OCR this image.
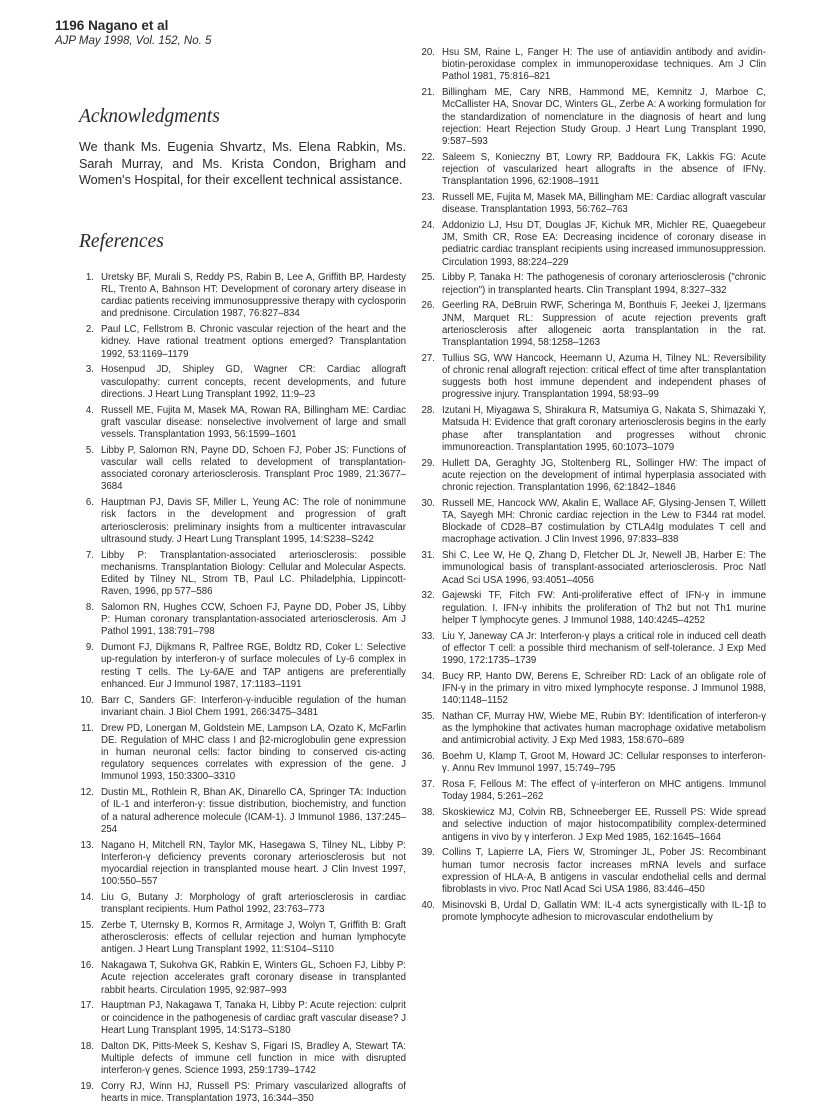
1196 Nagano et al
AJP May 1998, Vol. 152, No. 5
Acknowledgments

We thank Ms. Eugenia Shvartz, Ms. Elena Rabkin, Ms. Sarah Murray, and Ms. Krista Condon, Brigham and Women's Hospital, for their excellent technical assistance.

References
1. Uretsky BF, Murali S, Reddy PS, Rabin B, Lee A, Griffith BP, Hardesty RL, Trento A, Bahnson HT: Development of coronary artery disease in cardiac patients receiving immunosuppressive therapy with cyclosporin and prednisone. Circulation 1987, 76:827–834
2. Paul LC, Fellstrom B. Chronic vascular rejection of the heart and the kidney. Have rational treatment options emerged? Transplantation 1992, 53:1169–1179
3. Hosenpud JD, Shipley GD, Wagner CR: Cardiac allograft vasculopathy: current concepts, recent developments, and future directions. J Heart Lung Transplant 1992, 11:9–23
4. Russell ME, Fujita M, Masek MA, Rowan RA, Billingham ME: Cardiac graft vascular disease: nonselective involvement of large and small vessels. Transplantation 1993, 56:1599–1601
5. Libby P, Salomon RN, Payne DD, Schoen FJ, Pober JS: Functions of vascular wall cells related to development of transplantation-associated coronary arteriosclerosis. Transplant Proc 1989, 21:3677–3684
6. Hauptman PJ, Davis SF, Miller L, Yeung AC: The role of nonimmune risk factors in the development and progression of graft arteriosclerosis: preliminary insights from a multicenter intravascular ultrasound study. J Heart Lung Transplant 1995, 14:S238–S242
7. Libby P: Transplantation-associated arteriosclerosis: possible mechanisms. Transplantation Biology: Cellular and Molecular Aspects. Edited by Tilney NL, Strom TB, Paul LC. Philadelphia, Lippincott-Raven, 1996, pp 577–586
8. Salomon RN, Hughes CCW, Schoen FJ, Payne DD, Pober JS, Libby P: Human coronary transplantation-associated arteriosclerosis. Am J Pathol 1991, 138:791–798
9. Dumont FJ, Dijkmans R, Palfree RGE, Boldtz RD, Coker L: Selective up-regulation by interferon-γ of surface molecules of Ly-6 complex in resting T cells. The Ly-6A/E and TAP antigens are preferentially enhanced. Eur J Immunol 1987, 17:1183–1191
10. Barr C, Sanders GF: Interferon-γ-inducible regulation of the human invariant chain. J Biol Chem 1991, 266:3475–3481
11. Drew PD, Lonergan M, Goldstein ME, Lampson LA, Ozato K, McFarlin DE. Regulation of MHC class I and β2-microglobulin gene expression in human neuronal cells: factor binding to conserved cis-acting regulatory sequences correlates with expression of the gene. J Immunol 1993, 150:3300–3310
12. Dustin ML, Rothlein R, Bhan AK, Dinarello CA, Springer TA: Induction of IL-1 and interferon-γ: tissue distribution, biochemistry, and function of a natural adherence molecule (ICAM-1). J Immunol 1986, 137:245–254
13. Nagano H, Mitchell RN, Taylor MK, Hasegawa S, Tilney NL, Libby P: Interferon-γ deficiency prevents coronary arteriosclerosis but not myocardial rejection in transplanted mouse heart. J Clin Invest 1997, 100:550–557
14. Liu G, Butany J: Morphology of graft arteriosclerosis in cardiac transplant recipients. Hum Pathol 1992, 23:763–773
15. Zerbe T, Uternsky B, Kormos R, Armitage J, Wolyn T, Griffith B: Graft atherosclerosis: effects of cellular rejection and human lymphocyte antigen. J Heart Lung Transplant 1992, 11:S104–S110
16. Nakagawa T, Sukohva GK, Rabkin E, Winters GL, Schoen FJ, Libby P: Acute rejection accelerates graft coronary disease in transplanted rabbit hearts. Circulation 1995, 92:987–993
17. Hauptman PJ, Nakagawa T, Tanaka H, Libby P: Acute rejection: culprit or coincidence in the pathogenesis of cardiac graft vascular disease? J Heart Lung Transplant 1995, 14:S173–S180
18. Dalton DK, Pitts-Meek S, Keshav S, Figari IS, Bradley A, Stewart TA: Multiple defects of immune cell function in mice with disrupted interferon-γ genes. Science 1993, 259:1739–1742
19. Corry RJ, Winn HJ, Russell PS: Primary vascularized allografts of hearts in mice. Transplantation 1973, 16:344–350
20. Hsu SM, Raine L, Fanger H: The use of antiavidin antibody and avidin-biotin-peroxidase complex in immunoperoxidase techniques. Am J Clin Pathol 1981, 75:816–821
21. Billingham ME, Cary NRB, Hammond ME, Kemnitz J, Marboe C, McCallister HA, Snovar DC, Winters GL, Zerbe A: A working formulation for the standardization of nomenclature in the diagnosis of heart and lung rejection: Heart Rejection Study Group. J Heart Lung Transplant 1990, 9:587–593
22. Saleem S, Konieczny BT, Lowry RP, Baddoura FK, Lakkis FG: Acute rejection of vascularized heart allografts in the absence of IFNγ. Transplantation 1996, 62:1908–1911
23. Russell ME, Fujita M, Masek MA, Billingham ME: Cardiac allograft vascular disease. Transplantation 1993, 56:762–763
24. Addonizio LJ, Hsu DT, Douglas JF, Kichuk MR, Michler RE, Quaegebeur JM, Smith CR, Rose EA: Decreasing incidence of coronary disease in pediatric cardiac transplant recipients using increased immunosuppression. Circulation 1993, 88:224–229
25. Libby P, Tanaka H: The pathogenesis of coronary arteriosclerosis ("chronic rejection") in transplanted hearts. Clin Transplant 1994, 8:327–332
26. Geerling RA, DeBruin RWF, Scheringa M, Bonthuis F, Jeekei J, Ijzermans JNM, Marquet RL: Suppression of acute rejection prevents graft arteriosclerosis after allogeneic aorta transplantation in the rat. Transplantation 1994, 58:1258–1263
27. Tullius SG, WW Hancock, Heemann U, Azuma H, Tilney NL: Reversibility of chronic renal allograft rejection: critical effect of time after transplantation suggests both host immune dependent and independent phases of progressive injury. Transplantation 1994, 58:93–99
28. Izutani H, Miyagawa S, Shirakura R, Matsumiya G, Nakata S, Shimazaki Y, Matsuda H: Evidence that graft coronary arteriosclerosis begins in the early phase after transplantation and progresses without chronic immunoreaction. Transplantation 1995, 60:1073–1079
29. Hullett DA, Geraghty JG, Stoltenberg RL, Sollinger HW: The impact of acute rejection on the development of intimal hyperplasia associated with chronic rejection. Transplantation 1996, 62:1842–1846
30. Russell ME, Hancock WW, Akalin E, Wallace AF, Glysing-Jensen T, Willett TA, Sayegh MH: Chronic cardiac rejection in the Lew to F344 rat model. Blockade of CD28–B7 costimulation by CTLA4Ig modulates T cell and macrophage activation. J Clin Invest 1996, 97:833–838
31. Shi C, Lee W, He Q, Zhang D, Fletcher DL Jr, Newell JB, Harber E: The immunological basis of transplant-associated arteriosclerosis. Proc Natl Acad Sci USA 1996, 93:4051–4056
32. Gajewski TF, Fitch FW: Anti-proliferative effect of IFN-γ in immune regulation. I. IFN-γ inhibits the proliferation of Th2 but not Th1 murine helper T lymphocyte genes. J Immunol 1988, 140:4245–4252
33. Liu Y, Janeway CA Jr: Interferon-γ plays a critical role in induced cell death of effector T cell: a possible third mechanism of self-tolerance. J Exp Med 1990, 172:1735–1739
34. Bucy RP, Hanto DW, Berens E, Schreiber RD: Lack of an obligate role of IFN-γ in the primary in vitro mixed lymphocyte response. J Immunol 1988, 140:1148–1152
35. Nathan CF, Murray HW, Wiebe ME, Rubin BY: Identification of interferon-γ as the lymphokine that activates human macrophage oxidative metabolism and antimicrobial activity. J Exp Med 1983, 158:670–689
36. Boehm U, Klamp T, Groot M, Howard JC: Cellular responses to interferon-γ. Annu Rev Immunol 1997, 15:749–795
37. Rosa F, Fellous M: The effect of γ-interferon on MHC antigens. Immunol Today 1984, 5:261–262
38. Skoskiewicz MJ, Colvin RB, Schneeberger EE, Russell PS: Wide spread and selective induction of major histocompatibility complex-determined antigens in vivo by γ interferon. J Exp Med 1985, 162:1645–1664
39. Collins T, Lapierre LA, Fiers W, Strominger JL, Pober JS: Recombinant human tumor necrosis factor increases mRNA levels and surface expression of HLA-A, B antigens in vascular endothelial cells and dermal fibroblasts in vivo. Proc Natl Acad Sci USA 1986, 83:446–450
40. Misinovski B, Urdal D, Gallatin WM: IL-4 acts synergistically with IL-1β to promote lymphocyte adhesion to microvascular endothelium by
